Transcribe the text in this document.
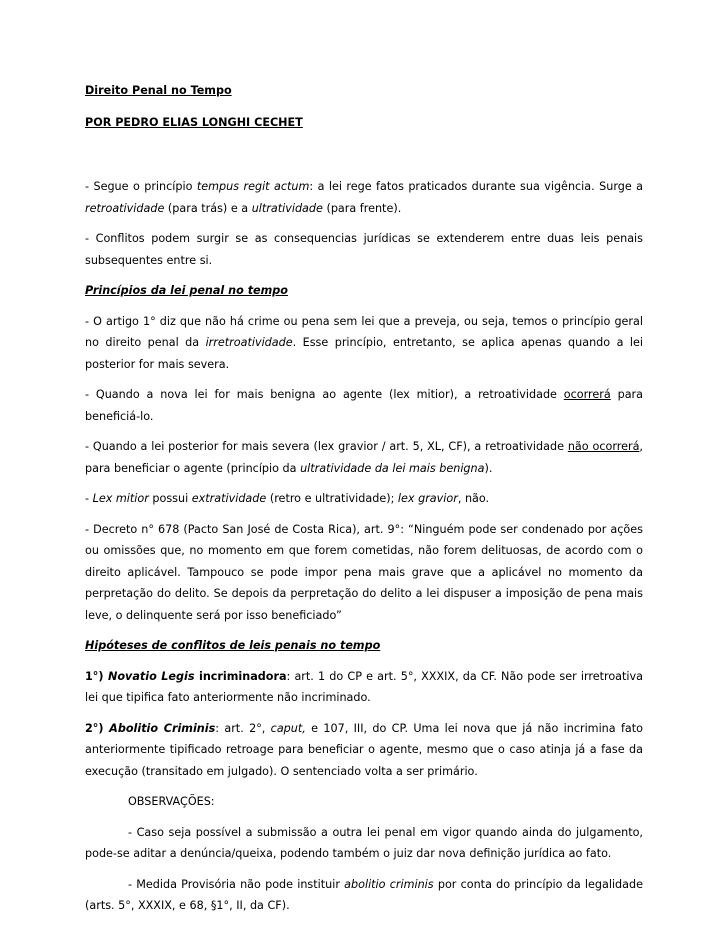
Direito Penal no Tempo

POR PEDRO ELIAS LONGHI CECHET

- Segue o princípio tempus regit actum: a lei rege fatos praticados durante sua vigência. Surge a retroatividade (para trás) e a ultratividade (para frente).

- Conflitos podem surgir se as consequencias jurídicas se extenderem entre duas leis penais subsequentes entre si.

Princípios da lei penal no tempo

- O artigo 1° diz que não há crime ou pena sem lei que a preveja, ou seja, temos o princípio geral no direito penal da irretroatividade. Esse princípio, entretanto, se aplica apenas quando a lei posterior for mais severa.

- Quando a nova lei for mais benigna ao agente (lex mitior), a retroatividade ocorrerá para beneficiá-lo.

- Quando a lei posterior for mais severa (lex gravior / art. 5, XL, CF), a retroatividade não ocorrerá, para beneficiar o agente (princípio da ultratividade da lei mais benigna).

- Lex mitior possui extratividade (retro e ultratividade); lex gravior, não.

- Decreto n° 678 (Pacto San José de Costa Rica), art. 9°: “Ninguém pode ser condenado por ações ou omissões que, no momento em que forem cometidas, não forem delituosas, de acordo com o direito aplicável. Tampouco se pode impor pena mais grave que a aplicável no momento da perpretação do delito. Se depois da perpretação do delito a lei dispuser a imposição de pena mais leve, o delinquente será por isso beneficiado”

Hipóteses de conflitos de leis penais no tempo

1°) Novatio Legis incriminadora: art. 1 do CP e art. 5°, XXXIX, da CF. Não pode ser irretroativa lei que tipifica fato anteriormente não incriminado.

2°) Abolitio Criminis: art. 2°, caput, e 107, III, do CP. Uma lei nova que já não incrimina fato anteriormente tipificado retroage para beneficiar o agente, mesmo que o caso atinja já a fase da execução (transitado em julgado). O sentenciado volta a ser primário.

OBSERVAÇÕES:

- Caso seja possível a submissão a outra lei penal em vigor quando ainda do julgamento, pode-se aditar a denúncia/queixa, podendo também o juiz dar nova definição jurídica ao fato.

- Medida Provisória não pode instituir abolitio criminis por conta do princípio da legalidade (arts. 5°, XXXIX, e 68, §1°, II, da CF).
